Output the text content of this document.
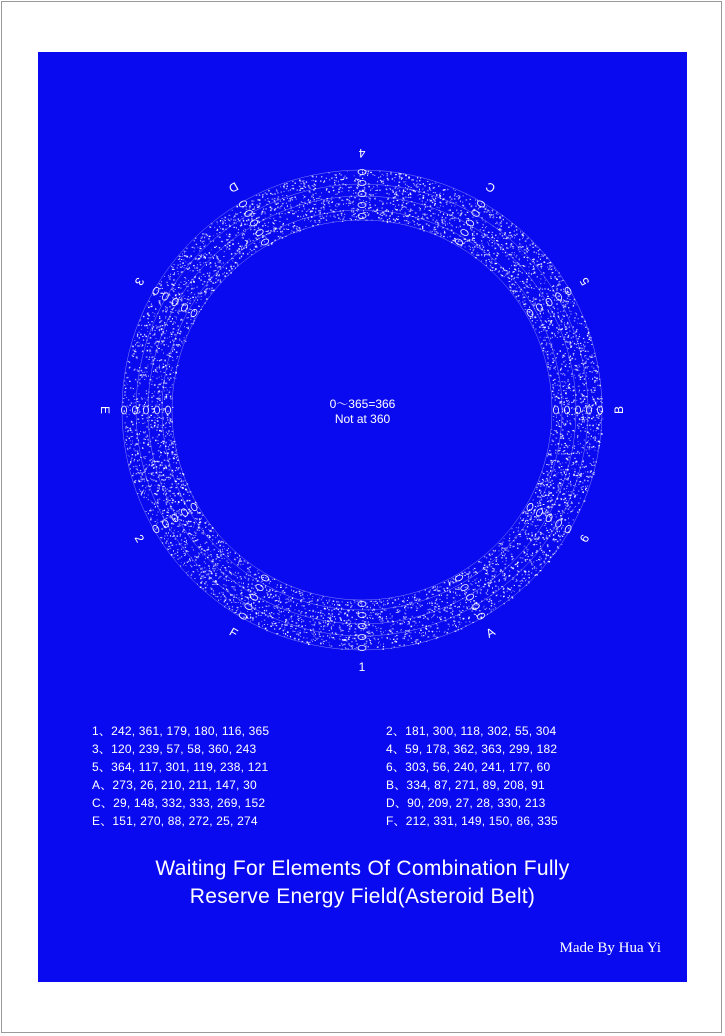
4
C
5
B
6
A
1
F
2
E
3
D
0～365=366
Not at 360
1、242, 361, 179, 180, 116, 365
3、120, 239, 57, 58, 360, 243
5、364, 117, 301, 119, 238, 121
A、273, 26, 210, 211, 147, 30
C、29, 148, 332, 333, 269, 152
E、151, 270, 88, 272, 25, 274
2、181, 300, 118, 302, 55, 304
4、59, 178, 362, 363, 299, 182
6、303, 56, 240, 241, 177, 60
B、334, 87, 271, 89, 208, 91
D、90, 209, 27, 28, 330, 213
F、212, 331, 149, 150, 86, 335
Waiting For Elements Of Combination Fully
Reserve Energy Field(Asteroid Belt)
Made By Hua Yi
